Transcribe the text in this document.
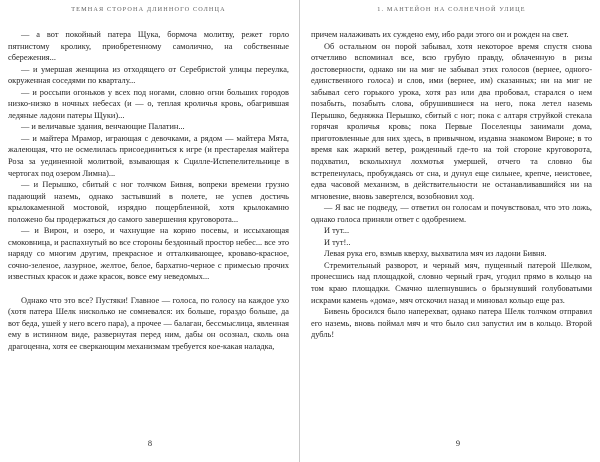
ТЕМНАЯ СТОРОНА ДЛИННОГО СОЛНЦА

— а вот покойный патера Щука, бормоча молитву, режет горло пятнистому кролику, приобретенному самолично, на собственные сбережения...

— и умершая женщина из отходящего от Серебристой улицы переулка, окруженная соседями по кварталу...

— и россыпи огоньков у всех под ногами, словно огни больших городов низко-низко в ночных небесах (и — о, теплая кроличья кровь, обагрившая ледяные ладони патеры Щуки)...

— и величавые здания, венчающие Палатин...

— и майтера Мрамор, играющая с девочками, а рядом — майтера Мята, жалеющая, что не осмелилась присоединиться к игре (и престарелая майтера Роза за уединенной молитвой, взывающая к Сцилле-Испепелительнице в чертогах под озером Лимна)...

— и Перышко, сбитый с ног толчком Бивня, вопреки времени грузно падающий наземь, однако застывший в полете, не успев достичь крылокаменной мостовой, изрядно пощербленной, хотя крылокамню положено бы продержаться до самого завершения круговорота...

— и Вирон, и озеро, и чахнущие на корню посевы, и иссыхающая смоковница, и распахнутый во все стороны бездонный простор небес... все это наряду со многим другим, прекрасное и отталкивающее, кроваво-красное, сочно-зеленое, лазурное, желтое, белое, бархатно-черное с примесью прочих известных красок и даже красок, вовсе ему неведомых...

Однако что это все? Пустяки! Главное — голоса, по голосу на каждое ухо (хотя патера Шелк нисколько не сомневался: их больше, гораздо больше, да вот беда, ушей у него всего пара), а прочее — балаган, бессмыслица, явленная ему в истинном виде, развернутая перед ним, дабы он осознал, сколь она драгоценна, хотя ее сверкающим механизмам требуется кое-какая наладка,

8
1. МАНТЕЙОН НА СОЛНЕЧНОЙ УЛИЦЕ

причем налаживать их суждено ему, ибо ради этого он и рожден на свет.

Об остальном он порой забывал, хотя некоторое время спустя снова отчетливо вспоминал все, всю грубую правду, облаченную в ризы достоверности, однако ни на миг не забывал этих голосов (вернее, одного-единственного голоса) и слов, ими (вернее, им) сказанных; ни на миг не забывал сего горького урока, хотя раз или два пробовал, старался о нем позабыть, позабыть слова, обрушившиеся на него, пока летел наземь Перышко, бедняжка Перышко, сбитый с ног; пока с алтаря струйкой стекала горячая кроличья кровь; пока Первые Поселенцы занимали дома, приготовленные для них здесь, в привычном, издавна знакомом Вироне; в то время как жаркий ветер, рожденный где-то на той стороне круговорота, подхватил, всколыхнул лохмотья умершей, отчего та словно бы встрепенулась, пробуждаясь от сна, и дунул еще сильнее, крепче, неистовее, едва часовой механизм, в действительности не останавливавшийся ни на мгновение, вновь завертелся, возобновил ход.

— Я вас не подведу, — ответил он голосам и почувствовал, что это ложь, однако голоса приняли ответ с одобрением.

И тут...

И тут!..

Левая рука его, взмыв кверху, выхватила мяч из ладони Бивня.

Стремительный разворот, и черный мяч, пущенный патерой Шелком, пронесшись над площадкой, словно черный грач, угодил прямо в кольцо на том краю площадки. Смачно шлепнувшись о брызнувший голубоватыми искрами камень «дома», мяч отскочил назад и миновал кольцо еще раз.

Бивень бросился было наперехват, однако патера Шелк толчком отправил его наземь, вновь поймал мяч и что было сил запустил им в кольцо. Второй дубль!

9
